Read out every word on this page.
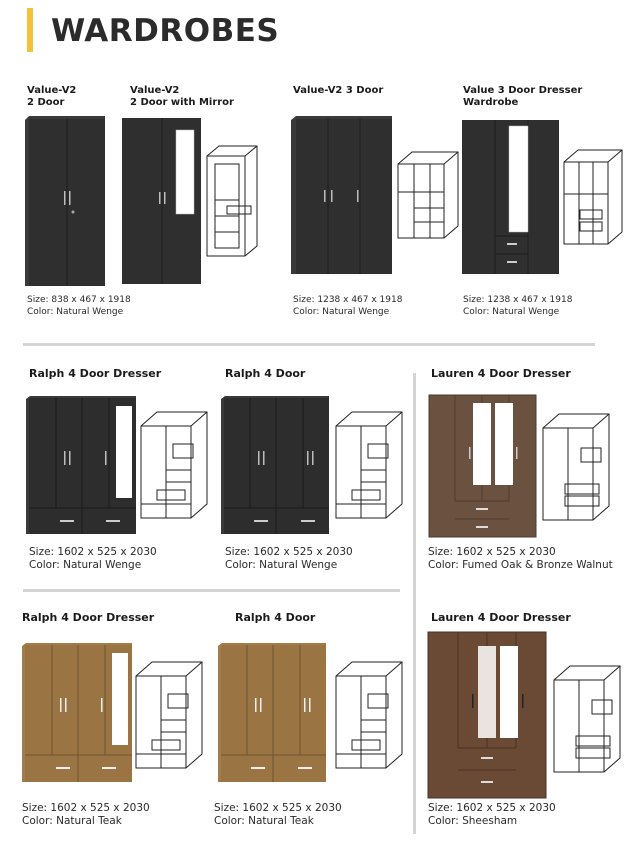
WARDROBES
Value-V2
2 Door
Value-V2
2 Door with Mirror
Value-V2 3 Door	Value 3 Door Dresser
Wardrobe
Size: 838 x 467 x 1918
Color: Natural Wenge
Size: 1238 x 467 x 1918
Color: Natural Wenge
Size: 1238 x 467 x 1918
Color: Natural Wenge
Ralph 4 Door Dresser	Ralph 4 Door	Lauren 4 Door Dresser
Size: 1602 x 525 x 2030
Color: Natural Wenge
Size: 1602 x 525 x 2030
Color: Natural Wenge
Size: 1602 x 525 x 2030
Color: Fumed Oak & Bronze Walnut
Ralph 4 Door Dresser	Ralph 4 Door	Lauren 4 Door Dresser
Size: 1602 x 525 x 2030
Color: Natural Teak
Size: 1602 x 525 x 2030
Color: Natural Teak
Size: 1602 x 525 x 2030
Color: Sheesham
